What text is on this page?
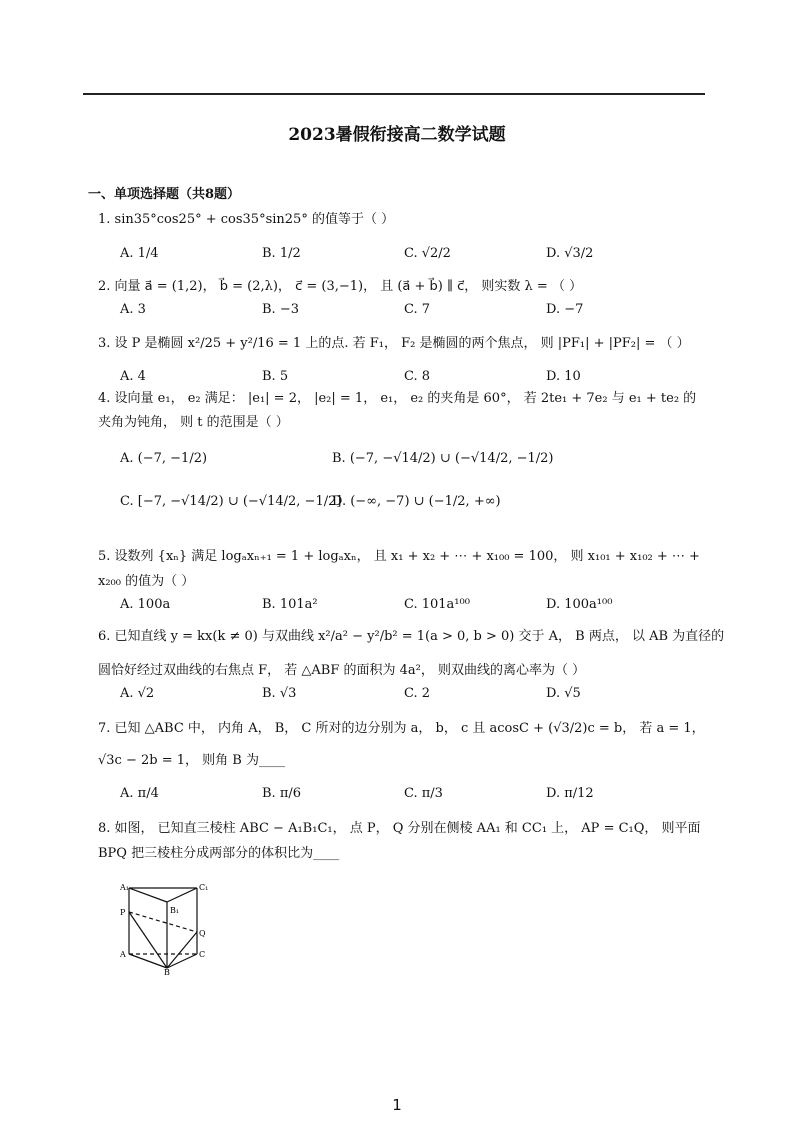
2023暑假衔接高二数学试题
一、单项选择题（共8题）
1. sin35°cos25° + cos35°sin25° 的值等于（ ）
A. 1/4	B. 1/2	C. √2/2	D. √3/2
2. 向量 a⃗ = (1,2)， b⃗ = (2,λ)， c⃗ = (3,−1)， 且 (a⃗ + b⃗) ∥ c⃗， 则实数 λ = （ ）
A. 3	B. −3	C. 7	D. −7
3. 设 P 是椭圆 x²/25 + y²/16 = 1 上的点. 若 F₁， F₂ 是椭圆的两个焦点， 则 |PF₁| + |PF₂| = （ ）
A. 4	B. 5	C. 8	D. 10
4. 设向量 e₁， e₂ 满足： |e₁| = 2， |e₂| = 1， e₁， e₂ 的夹角是 60°， 若 2te₁ + 7e₂ 与 e₁ + te₂ 的
夹角为钝角， 则 t 的范围是（ ）
A. (−7, −1/2)	B. (−7, −√14/2) ∪ (−√14/2, −1/2)
C. [−7, −√14/2) ∪ (−√14/2, −1/2]
D. (−∞, −7) ∪ (−1/2, +∞)
5. 设数列 {xₙ} 满足 logₐxₙ₊₁ = 1 + logₐxₙ， 且 x₁ + x₂ + ⋯ + x₁₀₀ = 100， 则 x₁₀₁ + x₁₀₂ + ⋯ +
x₂₀₀ 的值为（ ）
A. 100a	B. 101a²	C. 101a¹⁰⁰	D. 100a¹⁰⁰
6. 已知直线 y = kx(k ≠ 0) 与双曲线 x²/a² − y²/b² = 1(a > 0, b > 0) 交于 A， B 两点， 以 AB 为直径的
圆恰好经过双曲线的右焦点 F， 若 △ABF 的面积为 4a²， 则双曲线的离心率为（ ）
A. √2	B. √3	C. 2	D. √5
7. 已知 △ABC 中， 内角 A， B， C 所对的边分别为 a， b， c 且 acosC + (√3/2)c = b， 若 a = 1，
√3c − 2b = 1， 则角 B 为____
A. π/4	B. π/6	C. π/3	D. π/12
8. 如图， 已知直三棱柱 ABC − A₁B₁C₁， 点 P， Q 分别在侧棱 AA₁ 和 CC₁ 上， AP = C₁Q， 则平面
BPQ 把三棱柱分成两部分的体积比为____
A₁	C₁
P	B₁
Q
A	C
B
1
